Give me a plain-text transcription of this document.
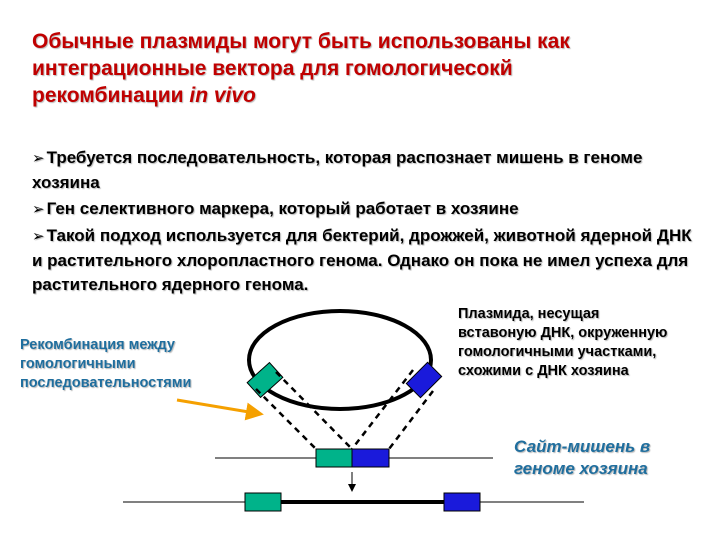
Обычные плазмиды могут быть использованы как
интеграционные вектора для гомологичесокй
рекомбинации in vivo
➢ Требуется последовательность, которая распознает мишень в геноме хозяина
➢ Ген селективного маркера, который работает в хозяине
➢ Такой подход используется для бектерий, дрожжей, животной ядерной ДНК и растительного хлоропластного генома. Однако он пока не имел успеха для растительного ядерного генома.
Плазмида, несущая вставоную ДНК, окруженную гомологичными участками, схожими с ДНК хозяина
Рекомбинация между гомологичными последовательностями
Сайт-мишень в геноме хозяина
